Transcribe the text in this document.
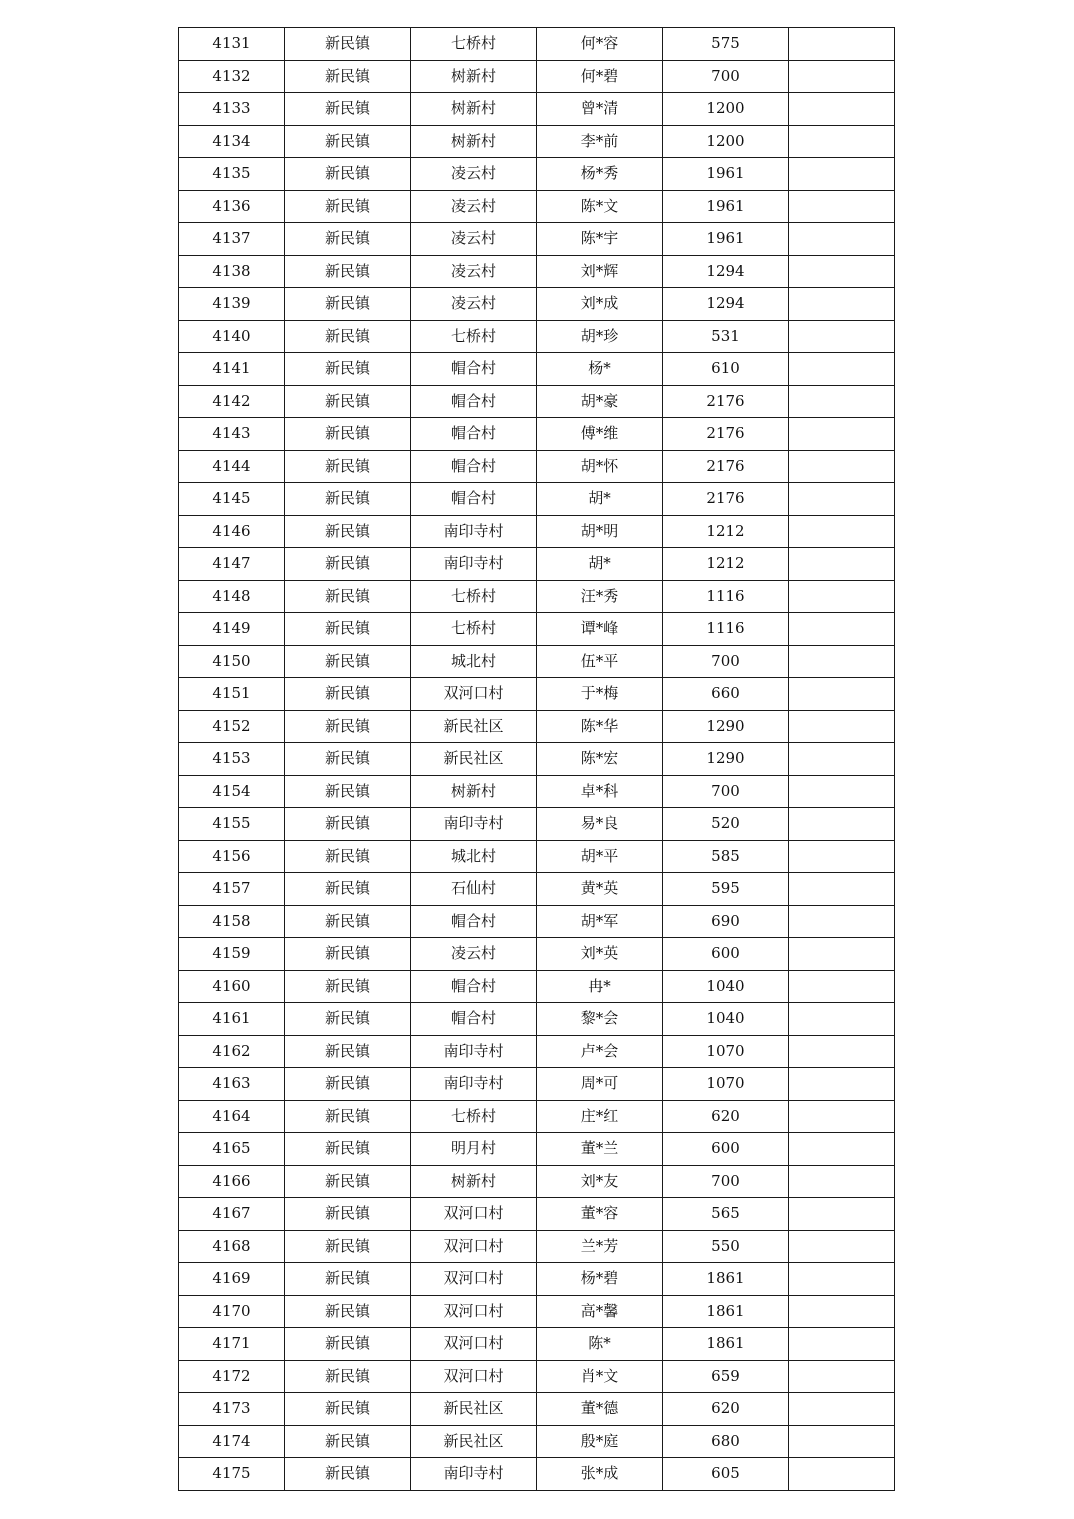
4131	新民镇	七桥村	何*容	575	
4132	新民镇	树新村	何*碧	700	
4133	新民镇	树新村	曾*清	1200	
4134	新民镇	树新村	李*前	1200	
4135	新民镇	凌云村	杨*秀	1961	
4136	新民镇	凌云村	陈*文	1961	
4137	新民镇	凌云村	陈*宇	1961	
4138	新民镇	凌云村	刘*辉	1294	
4139	新民镇	凌云村	刘*成	1294	
4140	新民镇	七桥村	胡*珍	531	
4141	新民镇	帽合村	杨*	610	
4142	新民镇	帽合村	胡*豪	2176	
4143	新民镇	帽合村	傅*维	2176	
4144	新民镇	帽合村	胡*怀	2176	
4145	新民镇	帽合村	胡*	2176	
4146	新民镇	南印寺村	胡*明	1212	
4147	新民镇	南印寺村	胡*	1212	
4148	新民镇	七桥村	汪*秀	1116	
4149	新民镇	七桥村	谭*峰	1116	
4150	新民镇	城北村	伍*平	700	
4151	新民镇	双河口村	于*梅	660	
4152	新民镇	新民社区	陈*华	1290	
4153	新民镇	新民社区	陈*宏	1290	
4154	新民镇	树新村	卓*科	700	
4155	新民镇	南印寺村	易*良	520	
4156	新民镇	城北村	胡*平	585	
4157	新民镇	石仙村	黄*英	595	
4158	新民镇	帽合村	胡*军	690	
4159	新民镇	凌云村	刘*英	600	
4160	新民镇	帽合村	冉*	1040	
4161	新民镇	帽合村	黎*会	1040	
4162	新民镇	南印寺村	卢*会	1070	
4163	新民镇	南印寺村	周*可	1070	
4164	新民镇	七桥村	庄*红	620	
4165	新民镇	明月村	董*兰	600	
4166	新民镇	树新村	刘*友	700	
4167	新民镇	双河口村	董*容	565	
4168	新民镇	双河口村	兰*芳	550	
4169	新民镇	双河口村	杨*碧	1861	
4170	新民镇	双河口村	高*馨	1861	
4171	新民镇	双河口村	陈*	1861	
4172	新民镇	双河口村	肖*文	659	
4173	新民镇	新民社区	董*德	620	
4174	新民镇	新民社区	殷*庭	680	
4175	新民镇	南印寺村	张*成	605	
